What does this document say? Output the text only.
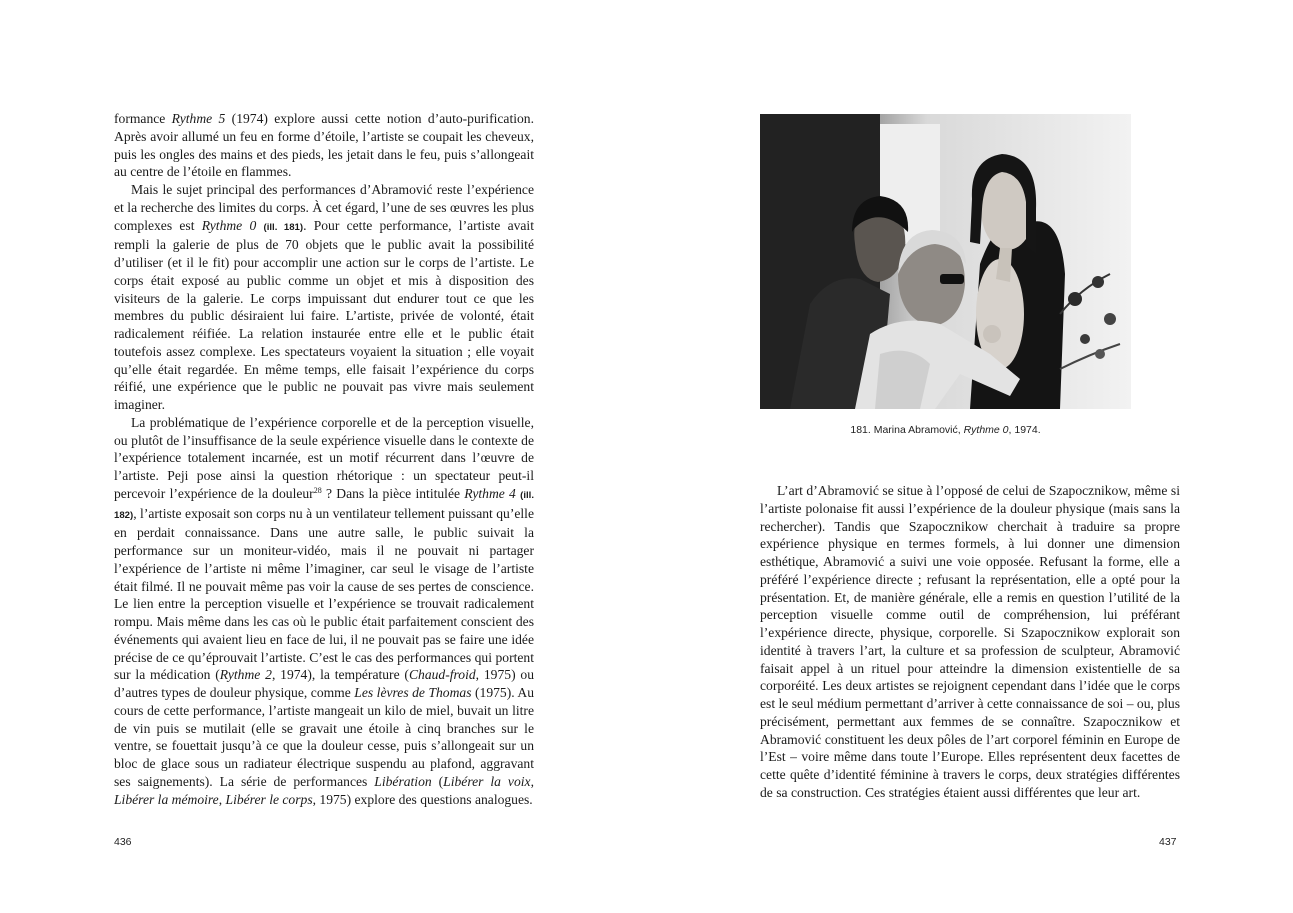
formance Rythme 5 (1974) explore aussi cette notion d’auto-purification. Après avoir allumé un feu en forme d’étoile, l’artiste se coupait les cheveux, puis les ongles des mains et des pieds, les jetait dans le feu, puis s’allongeait au centre de l’étoile en flammes.

Mais le sujet principal des performances d’Abramović reste l’expérience et la recherche des limites du corps. À cet égard, l’une de ses œuvres les plus complexes est Rythme 0 (ill. 181). Pour cette performance, l’artiste avait rempli la galerie de plus de 70 objets que le public avait la possibilité d’utiliser (et il le fit) pour accomplir une action sur le corps de l’artiste. Le corps était exposé au public comme un objet et mis à disposition des visiteurs de la galerie. Le corps impuissant dut endurer tout ce que les membres du public désiraient lui faire. L’artiste, privée de volonté, était radicalement réifiée. La relation instaurée entre elle et le public était toutefois assez complexe. Les spectateurs voyaient la situation ; elle voyait qu’elle était regardée. En même temps, elle faisait l’expérience du corps réifié, une expérience que le public ne pouvait pas vivre mais seulement imaginer.

La problématique de l’expérience corporelle et de la perception visuelle, ou plutôt de l’insuffisance de la seule expérience visuelle dans le contexte de l’expérience totalement incarnée, est un motif récurrent dans l’œuvre de l’artiste. Peji pose ainsi la question rhétorique : un spectateur peut-il percevoir l’expérience de la douleur$^{28}$ ? Dans la pièce intitulée Rythme 4 (ill. 182), l’artiste exposait son corps nu à un ventilateur tellement puissant qu’elle en perdait connaissance. Dans une autre salle, le public suivait la performance sur un moniteur-vidéo, mais il ne pouvait ni partager l’expérience de l’artiste ni même l’imaginer, car seul le visage de l’artiste était filmé. Il ne pouvait même pas voir la cause de ses pertes de conscience. Le lien entre la perception visuelle et l’expérience se trouvait radicalement rompu. Mais même dans les cas où le public était parfaitement conscient des événements qui avaient lieu en face de lui, il ne pouvait pas se faire une idée précise de ce qu’éprouvait l’artiste. C’est le cas des performances qui portent sur la médication (Rythme 2, 1974), la température (Chaud-froid, 1975) ou d’autres types de douleur physique, comme Les lèvres de Thomas (1975). Au cours de cette performance, l’artiste mangeait un kilo de miel, buvait un litre de vin puis se mutilait (elle se gravait une étoile à cinq branches sur le ventre, se fouettait jusqu’à ce que la douleur cesse, puis s’allongeait sur un bloc de glace sous un radiateur électrique suspendu au plafond, aggravant ses saignements). La série de performances Libération (Libérer la voix, Libérer la mémoire, Libérer le corps, 1975) explore des questions analogues.

436
181. Marina Abramović, Rythme 0, 1974.

L’art d’Abramović se situe à l’opposé de celui de Szapocznikow, même si l’artiste polonaise fit aussi l’expérience de la douleur physique (mais sans la rechercher). Tandis que Szapocznikow cherchait à traduire sa propre expérience physique en termes formels, à lui donner une dimension esthétique, Abramović a suivi une voie opposée. Refusant la forme, elle a préféré l’expérience directe ; refusant la représentation, elle a opté pour la présentation. Et, de manière générale, elle a remis en question l’utilité de la perception visuelle comme outil de compréhension, lui préférant l’expérience directe, physique, corporelle. Si Szapocznikow explorait son identité à travers l’art, la culture et sa profession de sculpteur, Abramović faisait appel à un rituel pour atteindre la dimension existentielle de sa corporéité. Les deux artistes se rejoignent cependant dans l’idée que le corps est le seul médium permettant d’arriver à cette connaissance de soi – ou, plus précisément, permettant aux femmes de se connaître. Szapocznikow et Abramović constituent les deux pôles de l’art corporel féminin en Europe de l’Est – voire même dans toute l’Europe. Elles représentent deux facettes de cette quête d’identité féminine à travers le corps, deux stratégies différentes de sa construction. Ces stratégies étaient aussi différentes que leur art.

437
